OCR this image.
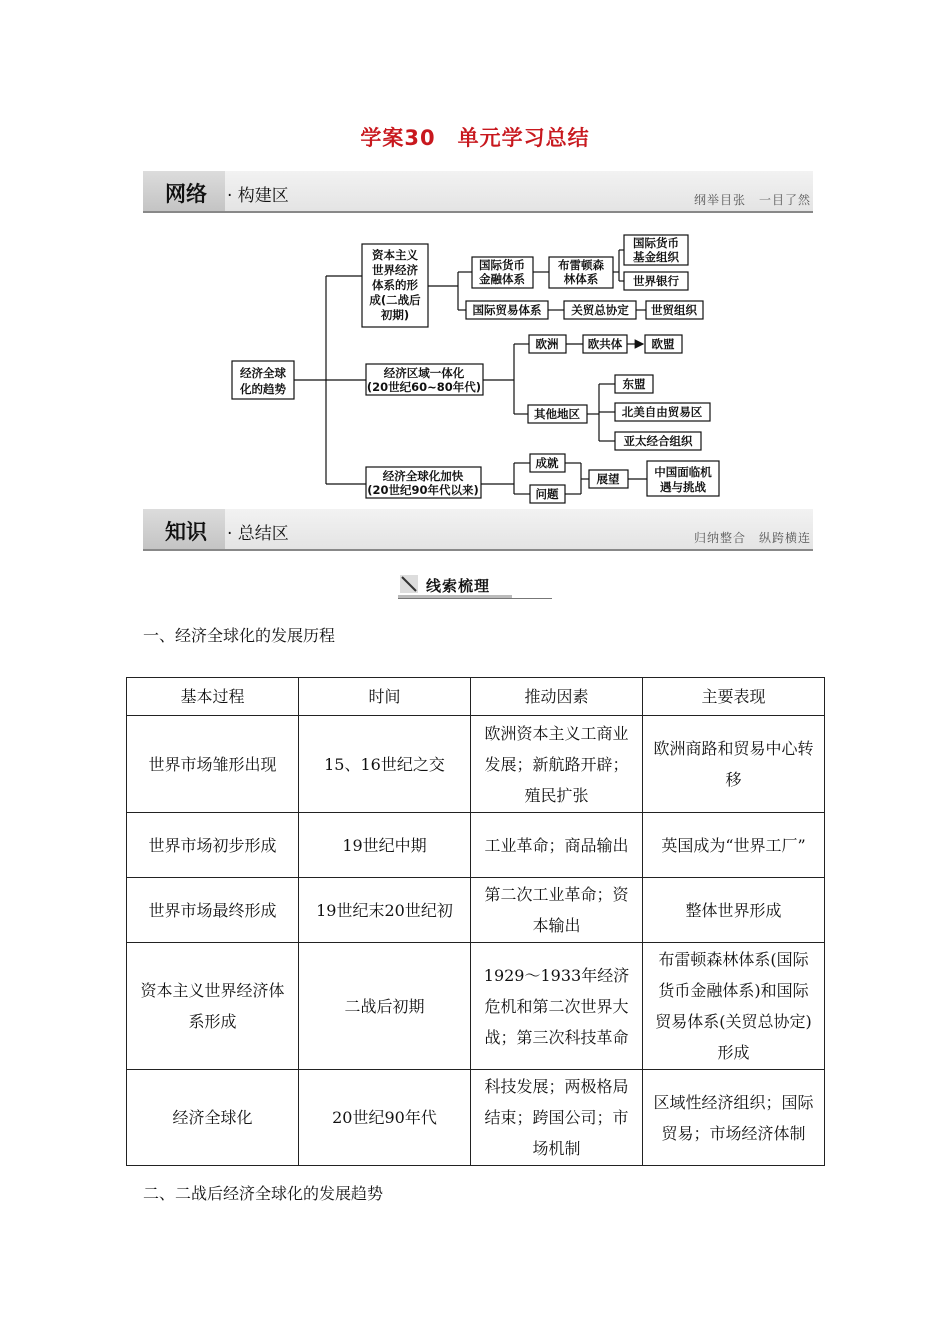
学案30　单元学习总结
网络 · 构建区	纲举目张　一目了然
经济全球
化的趋势
资本主义
世界经济
体系的形
成(二战后
初期)
国际货币
金融体系
布雷顿森
林体系
国际货币
基金组织
世界银行
国际贸易体系	关贸总协定 世贸组织
经济区域一体化
(20世纪60~80年代)
欧洲	欧共体	欧盟
其他地区
东盟
北美自由贸易区
亚太经合组织
经济全球化加快
(20世纪90年代以来)
成就
问题
展望	中国面临机
遇与挑战
知识 · 总结区	归纳整合　纵跨横连
线索梳理
一、经济全球化的发展历程
基本过程	时间	推动因素	主要表现
世界市场雏形出现	15、16世纪之交	欧洲资本主义工商业发展；新航路开辟；殖民扩张	欧洲商路和贸易中心转移
世界市场初步形成	19世纪中期	工业革命；商品输出	英国成为“世界工厂”
世界市场最终形成	19世纪末20世纪初	第二次工业革命；资本输出	整体世界形成
资本主义世界经济体系形成	二战后初期	1929～1933年经济危机和第二次世界大战；第三次科技革命	布雷顿森林体系(国际货币金融体系)和国际贸易体系(关贸总协定)形成
经济全球化	20世纪90年代	科技发展；两极格局结束；跨国公司；市场机制	区域性经济组织；国际贸易；市场经济体制
二、二战后经济全球化的发展趋势
